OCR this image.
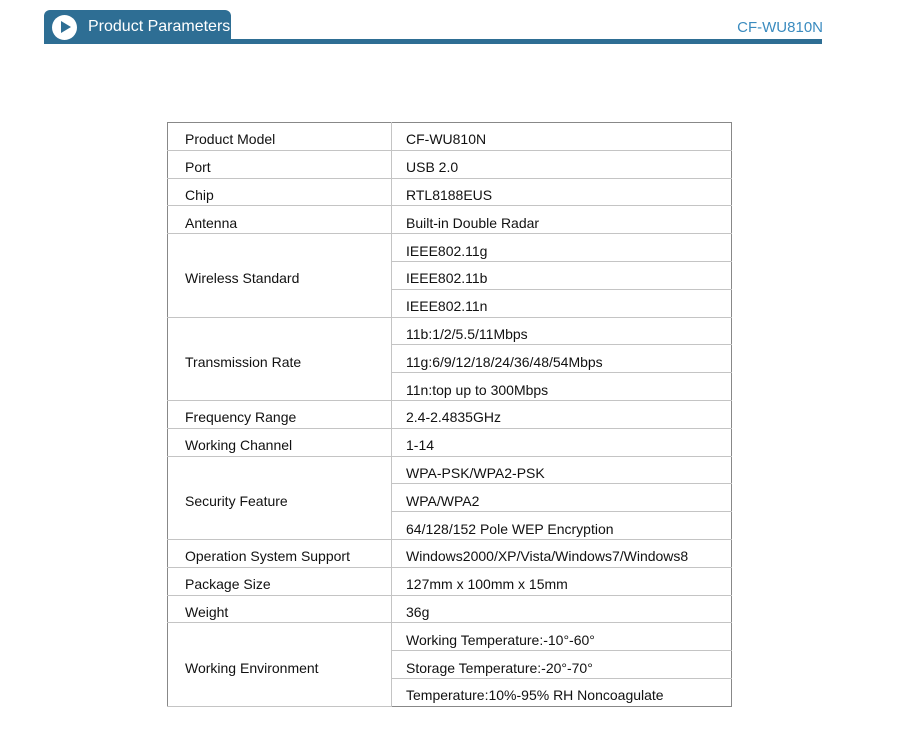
Product Parameters	CF-WU810N
Product Model	CF-WU810N
Port	USB 2.0
Chip	RTL8188EUS
Antenna	Built-in Double Radar
Wireless Standard	IEEE802.11g
	IEEE802.11b
	IEEE802.11n
Transmission Rate	11b:1/2/5.5/11Mbps
	11g:6/9/12/18/24/36/48/54Mbps
	11n:top up to 300Mbps
Frequency Range	2.4-2.4835GHz
Working Channel	1-14
Security Feature	WPA-PSK/WPA2-PSK
	WPA/WPA2
	64/128/152 Pole WEP Encryption
Operation System Support	Windows2000/XP/Vista/Windows7/Windows8
Package Size	127mm x 100mm x 15mm
Weight	36g
Working Environment	Working Temperature:-10°-60°
	Storage Temperature:-20°-70°
	Temperature:10%-95% RH Noncoagulate
